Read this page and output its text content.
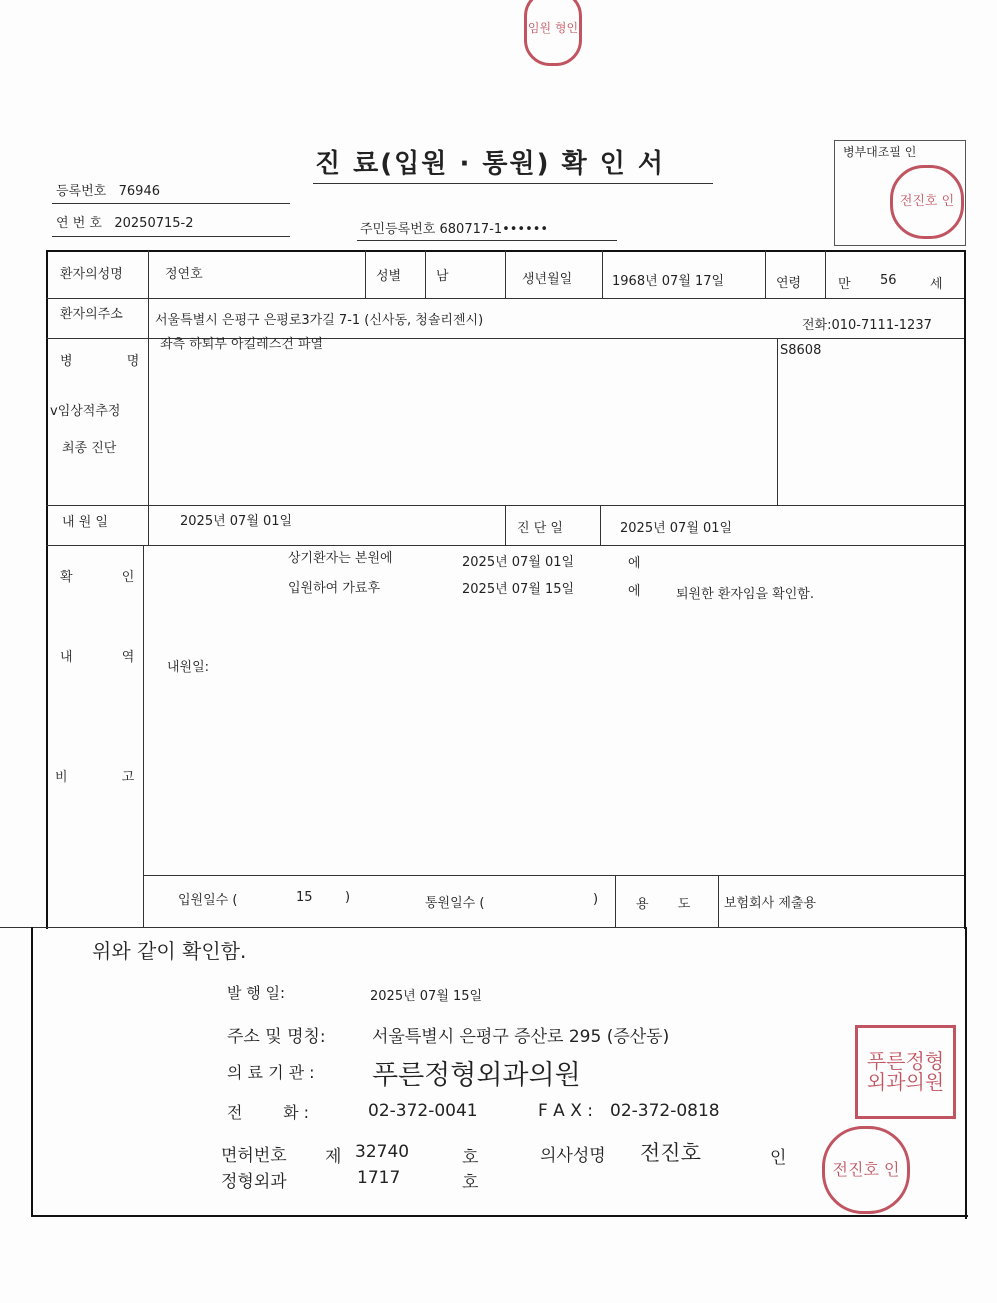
임원 형인
진 료(입원 · 통원) 확 인 서
등록번호 76946
연 번 호 20250715-2	주민등록번호 680717-1••••••
병부대조필 인
전진호 인
환자의성명	정연호	성별	남	생년월일	1968년 07월 17일	연령	만 56	세
환자의주소 서울특별시 은평구 은평로3가길 7-1 (신사동, 청솔리젠시)	전화:010-7111-1237
병 명
v임상적추정
최종 진단
좌측 하퇴부 아킬레스건 파열	S8608
내 원 일	2025년 07월 01일	진 단 일	2025년 07월 01일
확 인
내 역
비 고
상기환자는 본원에	2025년 07월 01일	에
입원하여 가료후	2025년 07월 15일	에	퇴원한 환자임을 확인함.
내원일:
입원일수 (	15 )	통원일수 (	)	용 도	보험회사 제출용
위와 같이 확인함.
발 행 일:	2025년 07월 15일
주소 및 명칭:	서울특별시 은평구 증산로 295 (증산동)
의 료 기 관 : 푸른정형외과의원
전        화 :	02-372-0041	F A X : 02-372-0818
면허번호 제 32740	호	의사성명 전진호	인
정형외과	1717	호
푸른정형 외과의원
전진호 인
